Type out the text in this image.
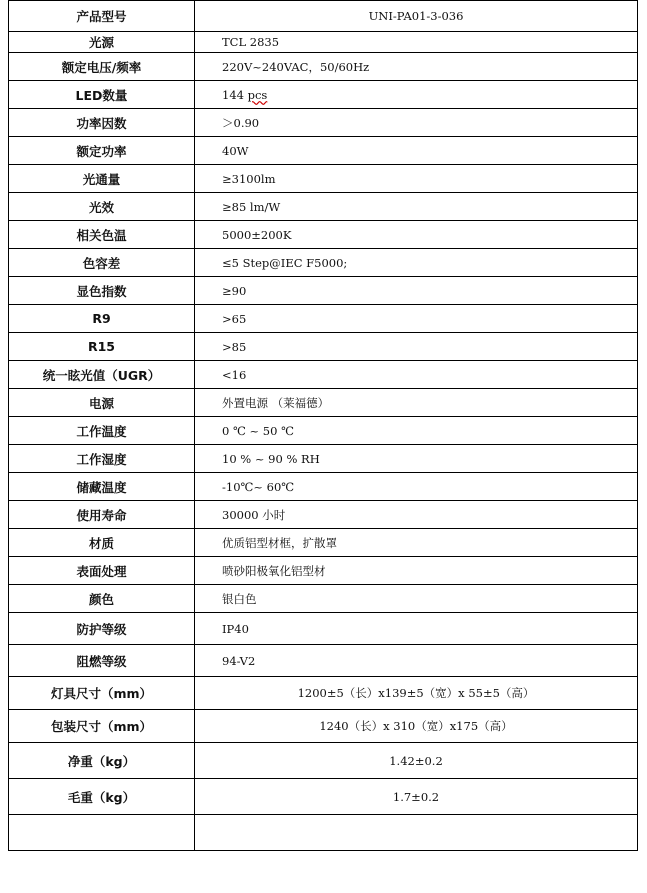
产品型号	UNI-PA01-3-036
光源	TCL 2835
额定电压/频率	220V~240VAC，50/60Hz
LED数量	144 pcs
功率因数	＞0.90
额定功率	40W
光通量	≥3100lm
光效	≥85 lm/W
相关色温	5000±200K
色容差	≤5 Step@IEC F5000;
显色指数	≥90
R9	>65
R15	>85
统一眩光值（UGR）	<16
电源	外置电源 （莱福德）
工作温度	0 ℃ ~ 50 ℃
工作湿度	10 % ~ 90 % RH
储藏温度	-10℃~ 60℃
使用寿命	30000 小时
材质	优质铝型材框，扩散罩
表面处理	喷砂阳极氧化铝型材
颜色	银白色
防护等级	IP40
阻燃等级	94-V2
灯具尺寸（mm）	1200±5（长）x139±5（宽）x 55±5（高）
包装尺寸（mm）	1240（长）x 310（宽）x175（高）
净重（kg）	1.42±0.2
毛重（kg）	1.7±0.2
